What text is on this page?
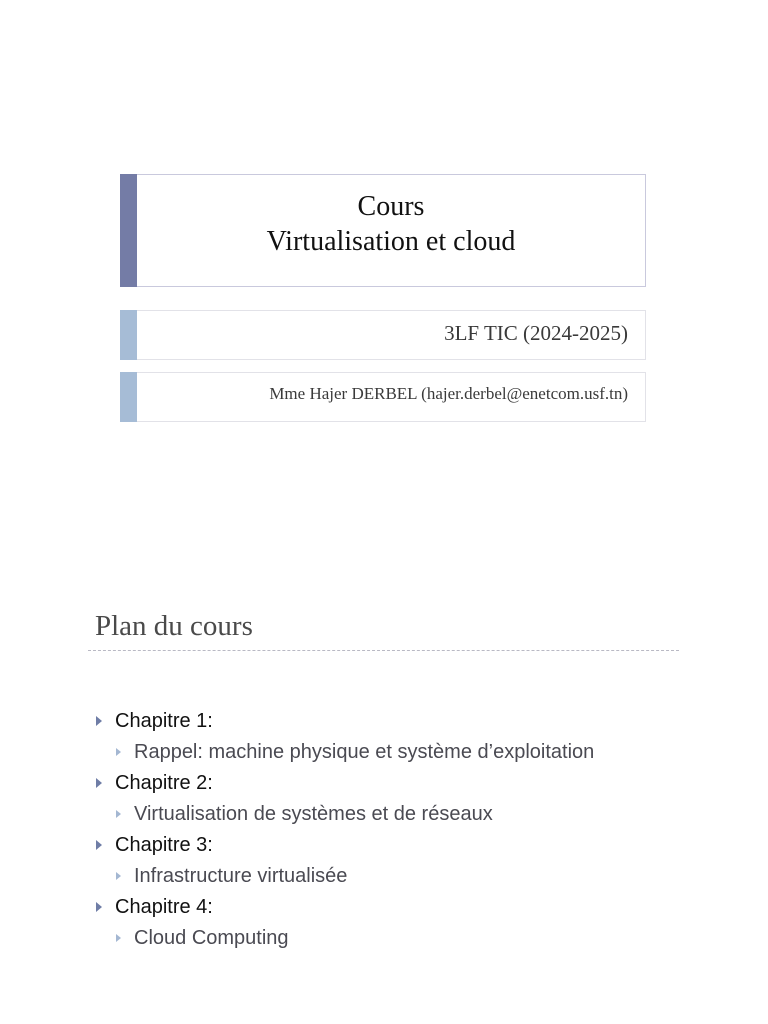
Cours
Virtualisation et cloud
3LF TIC (2024-2025)
Mme Hajer DERBEL (hajer.derbel@enetcom.usf.tn)
Plan du cours
Chapitre 1:
Rappel: machine physique et système d’exploitation
Chapitre 2:
Virtualisation de systèmes et de réseaux
Chapitre 3:
Infrastructure virtualisée
Chapitre 4:
Cloud Computing
